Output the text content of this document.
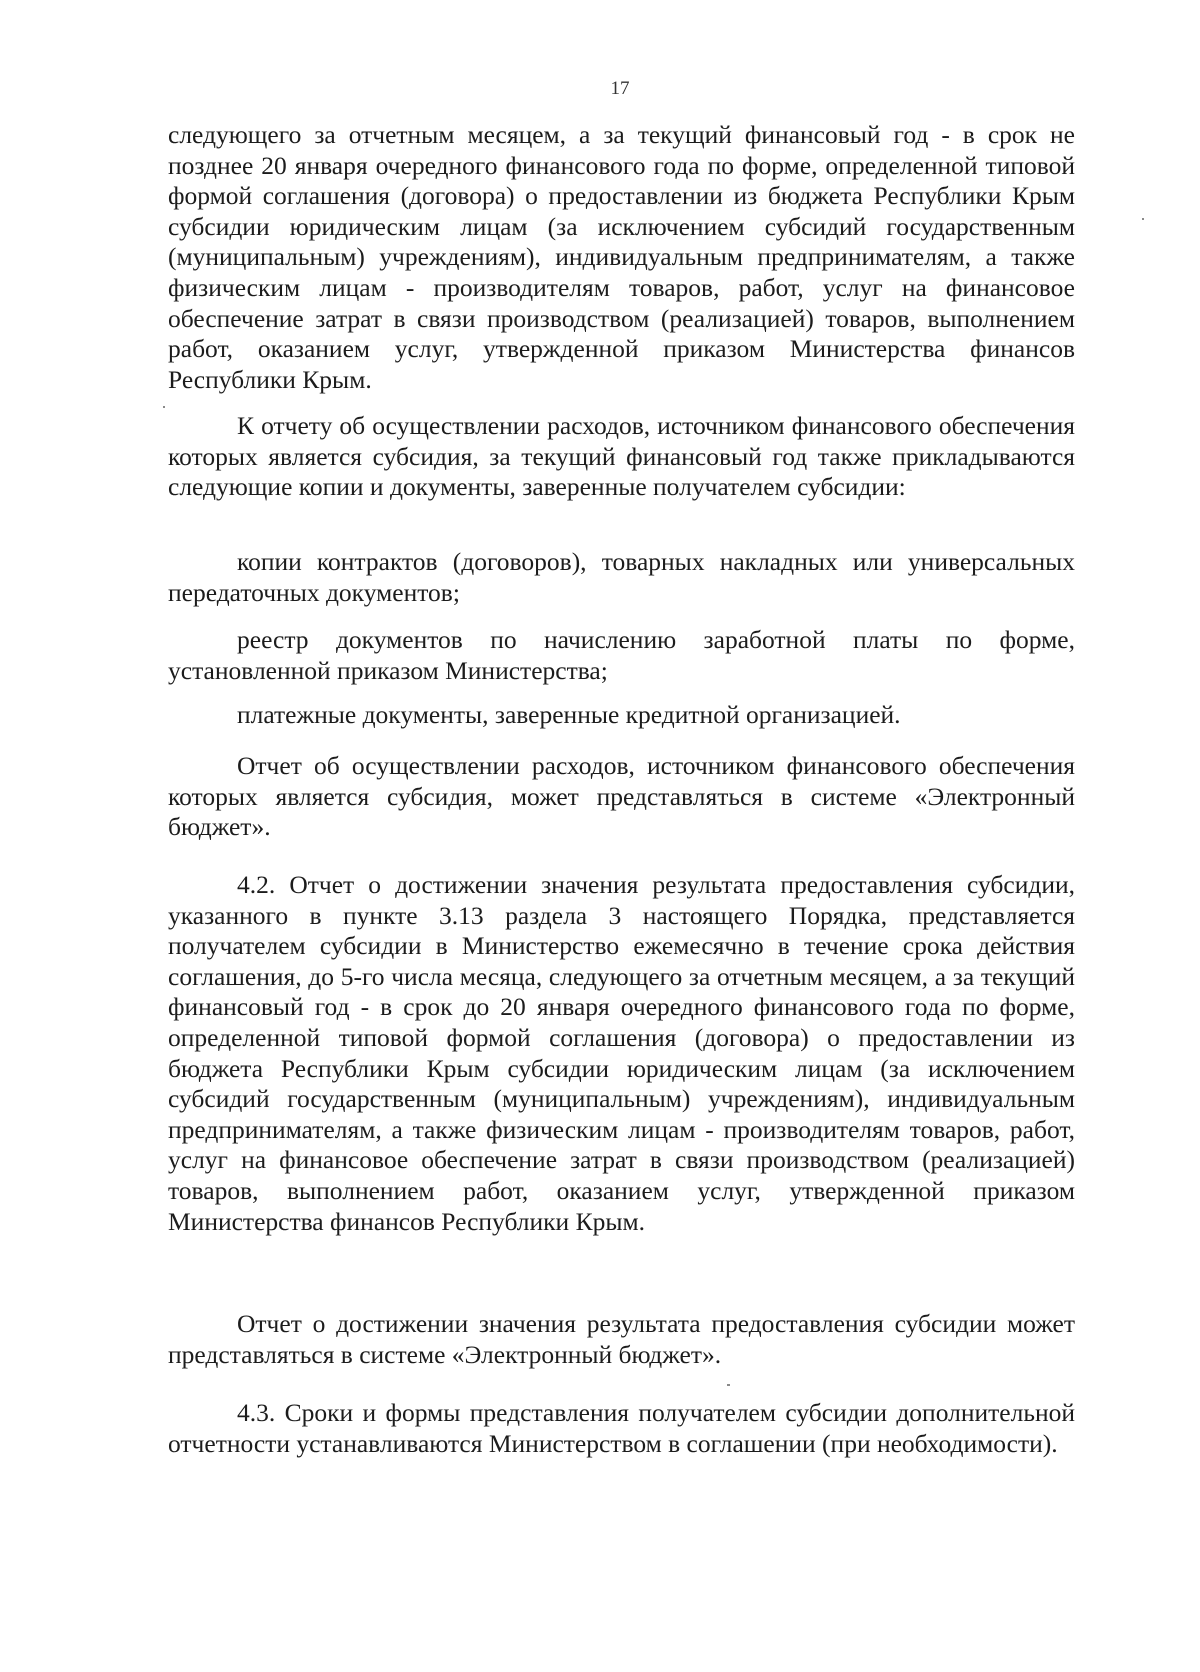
17

следующего за отчетным месяцем, а за текущий финансовый год - в срок не позднее 20 января очередного финансового года по форме, определенной типовой формой соглашения (договора) о предоставлении из бюджета Республики Крым субсидии юридическим лицам (за исключением субсидий государственным (муниципальным) учреждениям), индивидуальным предпринимателям, а также физическим лицам - производителям товаров, работ, услуг на финансовое обеспечение затрат в связи производством (реализацией) товаров, выполнением работ, оказанием услуг, утвержденной приказом Министерства финансов Республики Крым.

К отчету об осуществлении расходов, источником финансового обеспечения которых является субсидия, за текущий финансовый год также прикладываются следующие копии и документы, заверенные получателем субсидии:

копии контрактов (договоров), товарных накладных или универсальных передаточных документов;

реестр документов по начислению заработной платы по форме, установленной приказом Министерства;

платежные документы, заверенные кредитной организацией.

Отчет об осуществлении расходов, источником финансового обеспечения которых является субсидия, может представляться в системе «Электронный бюджет».

4.2. Отчет о достижении значения результата предоставления субсидии, указанного в пункте 3.13 раздела 3 настоящего Порядка, представляется получателем субсидии в Министерство ежемесячно в течение срока действия соглашения, до 5-го числа месяца, следующего за отчетным месяцем, а за текущий финансовый год - в срок до 20 января очередного финансового года по форме, определенной типовой формой соглашения (договора) о предоставлении из бюджета Республики Крым субсидии юридическим лицам (за исключением субсидий государственным (муниципальным) учреждениям), индивидуальным предпринимателям, а также физическим лицам - производителям товаров, работ, услуг на финансовое обеспечение затрат в связи производством (реализацией) товаров, выполнением работ, оказанием услуг, утвержденной приказом Министерства финансов Республики Крым.

Отчет о достижении значения результата предоставления субсидии может представляться в системе «Электронный бюджет».

4.3. Сроки и формы представления получателем субсидии дополнительной отчетности устанавливаются Министерством в соглашении (при необходимости).
